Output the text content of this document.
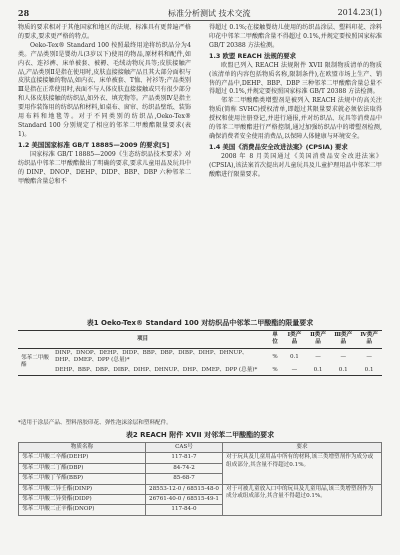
28	标准分析测试 技术交流	2014.23(1)

物质的要求相对于其他国家和地区的法规、标准具有更普遍严格的要求,要求更严格的特点。

Oeko-Tex® Standard 100 按照最终用途将纺织品分为4类。产品类别Ⅰ是婴幼儿(3岁以下)使用的物品,原材料和配件,如内衣、连衫裤、床单被套、被褥、毛绒动物玩具等;皮肤接触产品,产品类别Ⅱ是指在使用时,皮肤直接接触产品且其大部分面积与皮肤直接接触的物品,如内衣、床单被套、T恤、衬衫等;产品类别Ⅲ是指在正常使用时,表面不与人体皮肤直接接触或只有很少部分和人体皮肤接触的纺织品,如外衣、填充物等。产品类别Ⅳ是指主要用作装饰用的纺织品和材料,如桌布、窗帘、纺织品壁纸、装饰用布料和地毯等。对于不同类别的纺织品,Oeko-Tex® Standard 100 分别规定了相应的邻苯二甲酸酯限量要求(表1)。

1.2 美国国家标准 GB/T 18885—2009 的要求[5]

国家标准 GB/T 18885—2009《生态纺织品技术要求》对纺织品中邻苯二甲酸酯做出了明确的要求,要求儿童用品及玩具中的 DINP、DNOP、DEHP、DIDP、BBP、DBP 六种邻苯二甲酸酯含量总和不

得超过 0.1%;在接触婴幼儿使用的纺织品涂层、塑料印花、涂料印花中邻苯二甲酸酯含量不得超过 0.1%,并规定要按照国家标准 GB/T 20388 方法检测。

1.3 欧盟 REACH 法规的要求

欧盟已列入 REACH 法规附件 XVII 限制物质清单的物质(该清单的内容包括物质名称,限制条件),在欧盟市场上生产、销售的产品中,DEHP、BBP、DBP 三种邻苯二甲酸酯含量总量不得超过 0.1%,并规定要按照国家标准 GB/T 20388 方法检测。

邻苯二甲酸酯类增塑剂是被列入 REACH 法规中的高关注物质(简称 SVHC)授权清单,即超过其限量要求就必须依法取得授权和使用注册登记,并进行通报,并对纺织品、玩具等消费品中的邻苯二甲酸酯进行严格控制,通过加强纺织品中的增塑剂检测,确保消费者安全使用消费品,以保障人体健康与环境安全。

1.4 美国《消费品安全改进法案》(CPSIA) 要求

2008 年 8 月美国通过《美国消费品安全改进法案》(CPSIA),该法案首次提出对儿童玩具及儿童护理用品中邻苯二甲酸酯进行限量要求。

表1 Oeko-Tex® Standard 100 对纺织品中邻苯二甲酸酯的限量要求
项目		单位	Ⅰ类产品	Ⅱ类产品	Ⅲ类产品	Ⅳ类产品
邻苯二甲酸酯	DINP、DNOP、DEHP、DIDP、BBP、DBP、DIBP、DIHP、DHNUP、DHP、DMEP、DPP (总量)*	%	0.1	—	—	—
	DEHP、BBP、DBP、DIBP、DIHP、DHNUP、DHP、DMEP、DPP (总量)*	%	—	0.1	0.1	0.1
*适用于涂层产品、塑料溶胶印花、弹性泡沫涂层和塑料配件。
表2 REACH 附件 XVII 对邻苯二甲酸酯的要求
物质名称	CAS号	要求
邻苯二甲酸二辛酯(DEHP)	117-81-7	对于玩具及儿童用品中所有的材料,该三类增塑剂作为成分或组成部分,其含量不得超过0.1%。
邻苯二甲酸二丁酯(DBP)	84-74-2	
邻苯二甲酸丁苄酯(BBP)	85-68-7	
邻苯二甲酸二异壬酯(DINP)	28553-12-0 / 68515-48-0	对于可被儿童放入口中的玩具及儿童用品,该三类增塑剂作为成分或组成部分,其含量不得超过0.1%。
邻苯二甲酸二异癸酯(DIDP)	26761-40-0 / 68515-49-1	
邻苯二甲酸二正辛酯(DNOP)	117-84-0	
